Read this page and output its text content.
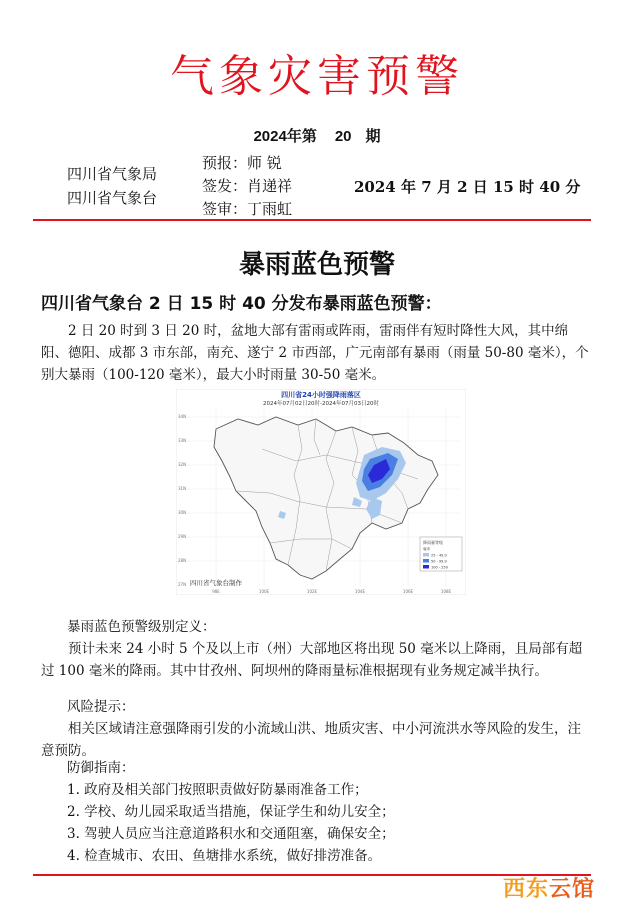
气象灾害预警
2024年第 20 期
四川省气象局
四川省气象台
预报：师 锐
签发：肖递祥
签审：丁雨虹
2024 年 7 月 2 日 15 时 40 分
暴雨蓝色预警
四川省气象台 2 日 15 时 40 分发布暴雨蓝色预警：
2 日 20 时到 3 日 20 时，盆地大部有雷雨或阵雨，雷雨伴有短时降性大风，其中绵阳、德阳、成都 3 市东部，南充、遂宁 2 市西部，广元南部有暴雨（雨量 50-80 毫米），个别大暴雨（100-120 毫米），最大小时雨量 30-50 毫米。
四川省24小时强降雨落区
2024年07月02日20时-2024年07月03日20时
34N
33N
32N
31N
30N
29N
28N
27N
98E	100E	102E	104E	106E	108E
降雨量等级
毫米
25 - 49.9
50 - 99.9
100 - 250
四川省气象台制作
暴雨蓝色预警级别定义：
预计未来 24 小时 5 个及以上市（州）大部地区将出现 50 毫米以上降雨，且局部有超过 100 毫米的降雨。其中甘孜州、阿坝州的降雨量标准根据现有业务规定减半执行。
风险提示：
相关区域请注意强降雨引发的小流域山洪、地质灾害、中小河流洪水等风险的发生，注意预防。
防御指南：
1. 政府及相关部门按照职责做好防暴雨准备工作；
2. 学校、幼儿园采取适当措施，保证学生和幼儿安全；
3. 驾驶人员应当注意道路积水和交通阻塞，确保安全；
4. 检查城市、农田、鱼塘排水系统，做好排涝准备。
西东云馆
